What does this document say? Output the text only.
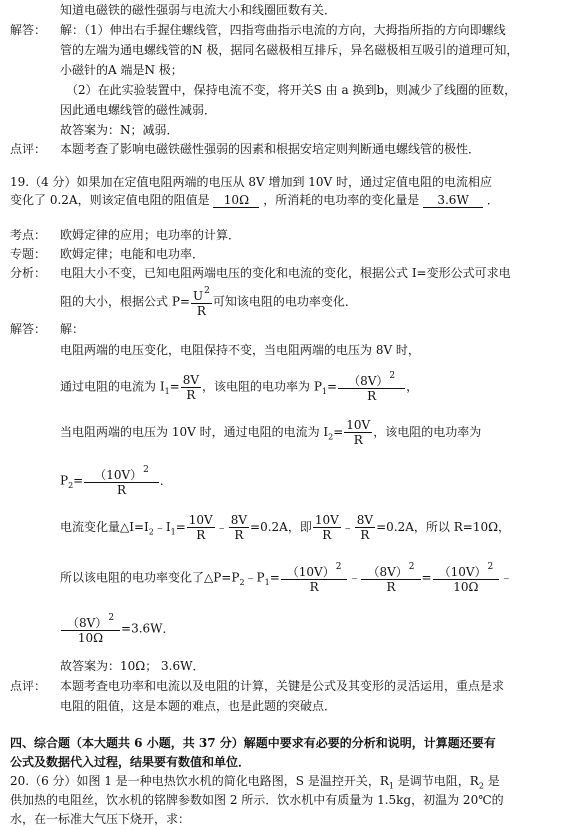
知道电磁铁的磁性强弱与电流大小和线圈匝数有关．
解答： 解：（1）伸出右手握住螺线管，四指弯曲指示电流的方向，大拇指所指的方向即螺线
管的左端为通电螺线管的N 极，据同名磁极相互排斥，异名磁极相互吸引的道理可知，
小磁针的A 端是N 极；
（2）在此实验装置中，保持电流不变，将开关S 由 a 换到b，则减少了线圈的匝数，
因此通电螺线管的磁性减弱．
故答案为：N；减弱．
点评： 本题考查了影响电磁铁磁性强弱的因素和根据安培定则判断通电螺线管的极性．
19.（4 分）如果加在定值电阻两端的电压从 8V 增加到 10V 时，通过定值电阻的电流相应
变化了 0.2A，则该定值电阻的阻值是 10Ω ，所消耗的电功率的变化量是 3.6W ．
考点： 欧姆定律的应用；电功率的计算．
专题： 欧姆定律；电能和电功率．
分析： 电阻大小不变，已知电阻两端电压的变化和电流的变化，根据公式 I=变形公式可求电
阻的大小，根据公式 $P= \frac{U^2}{R}$ 可知该电阻的电功率变化．
解答： 解：
电阻两端的电压变化，电阻保持不变，当电阻两端的电压为 8V 时，
通过电阻的电流为 $I_1= \frac{8V}{R}$ ，该电阻的电功率为 $P_1= \frac{(8V)^2}{R}$ ，
当电阻两端的电压为 10V 时，通过电阻的电流为 $I_2= \frac{10V}{R}$ ，该电阻的电功率为
$P_2= \frac{(10V)^2}{R}$ ．
电流变化量$\triangle I=I_2﹣I_1= \frac{10V}{R}$ ﹣ $\frac{8V}{R} =0.2A$，即 $\frac{10V}{R}$ ﹣ $\frac{8V}{R} =0.2A$，所以 R=10Ω，
所以该电阻的电功率变化了$\triangle P=P_2﹣P_1= \frac{(10V)^2}{R}$ ﹣ $\frac{(8V)^2}{R} = \frac{(10V)^2}{10\Omega}$ ﹣
$\frac{(8V)^2}{10\Omega} =3.6W$．
故答案为：10Ω； 3.6W．
点评： 本题考查电功率和电流以及电阻的计算，关键是公式及其变形的灵活运用，重点是求
电阻的阻值，这是本题的难点，也是此题的突破点．
四、综合题（本大题共 6 小题，共 37 分）解题中要求有必要的分析和说明，计算题还要有
公式及数据代入过程，结果要有数值和单位．
20.（6 分）如图 1 是一种电热饮水机的简化电路图，S 是温控开关，$R_1$ 是调节电阻，$R_2$ 是
供加热的电阻丝，饮水机的铭牌参数如图 2 所示．饮水机中有质量为 1.5kg，初温为 20℃的
水，在一标准大气压下烧开，求：
